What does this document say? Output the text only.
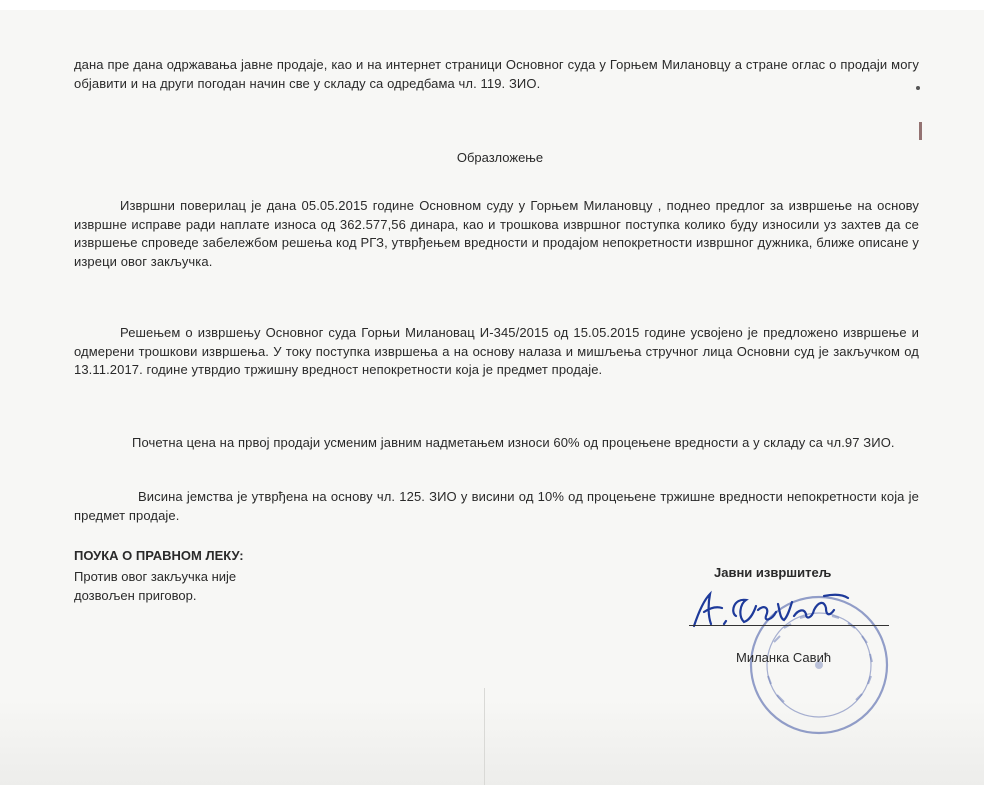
дана пре дана одржавања јавне продаје, као и на интернет страници Основног суда у Горњем Милановцу а стране оглас о продаји могу објавити и на други погодан начин све у складу са одредбама чл. 119. ЗИО.

Образложење

Извршни поверилац је дана 05.05.2015 године Основном суду у Горњем Милановцу , поднео предлог за извршење на основу извршне исправе ради наплате износа од 362.577,56 динара, као и трошкова извршног поступка колико буду износили уз захтев да се извршење спроведе забележбом решења код РГЗ, утврђењем вредности и продајом непокретности извршног дужника, ближе описане у изреци овог закључка.

Решењем о извршењу Основног суда Горњи Милановац И-345/2015 од 15.05.2015 године усвојено је предложено извршење и одмерени трошкови извршења. У току поступка извршења а на основу налаза и мишљења стручног лица Основни суд је закључком од 13.11.2017. године утврдио тржишну вредност непокретности која је предмет продаје.

Почетна цена на првој продаји усменим јавним надметањем износи 60% од процењене вредности а у складу са чл.97 ЗИО.

Висина јемства је утврђена на основу чл. 125. ЗИО у висини од 10% од процењене тржишне вредности непокретности која је предмет продаје.

ПОУКА О ПРАВНОМ ЛЕКУ:

Против овог закључка није
дозвољен приговор.

Јавни извршитељ

Миланка Савић
